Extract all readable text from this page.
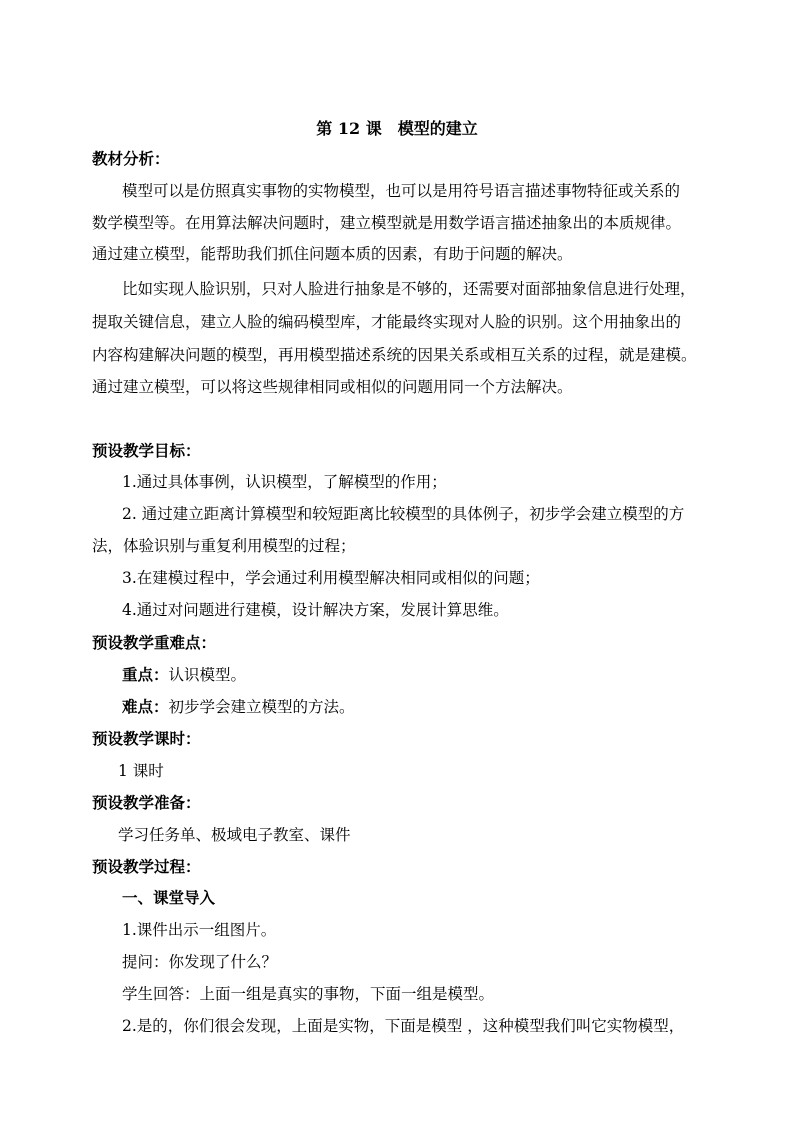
第 12 课 模型的建立
教材分析：
模型可以是仿照真实事物的实物模型，也可以是用符号语言描述事物特征或关系的
数学模型等。在用算法解决问题时，建立模型就是用数学语言描述抽象出的本质规律。
通过建立模型，能帮助我们抓住问题本质的因素，有助于问题的解决。
比如实现人脸识别，只对人脸进行抽象是不够的，还需要对面部抽象信息进行处理，
提取关键信息，建立人脸的编码模型库，才能最终实现对人脸的识别。这个用抽象出的
内容构建解决问题的模型，再用模型描述系统的因果关系或相互关系的过程，就是建模。
通过建立模型，可以将这些规律相同或相似的问题用同一个方法解决。
预设教学目标：
1.通过具体事例，认识模型，了解模型的作用；
2. 通过建立距离计算模型和较短距离比较模型的具体例子，初步学会建立模型的方
法，体验识别与重复利用模型的过程；
3.在建模过程中，学会通过利用模型解决相同或相似的问题；
4.通过对问题进行建模，设计解决方案，发展计算思维。
预设教学重难点：
重点：认识模型。
难点：初步学会建立模型的方法。
预设教学课时：
1 课时
预设教学准备：
学习任务单、极域电子教室、课件
预设教学过程：
一、课堂导入
1.课件出示一组图片。
提问：你发现了什么？
学生回答：上面一组是真实的事物，下面一组是模型。
2.是的，你们很会发现，上面是实物，下面是模型 ，这种模型我们叫它实物模型，
